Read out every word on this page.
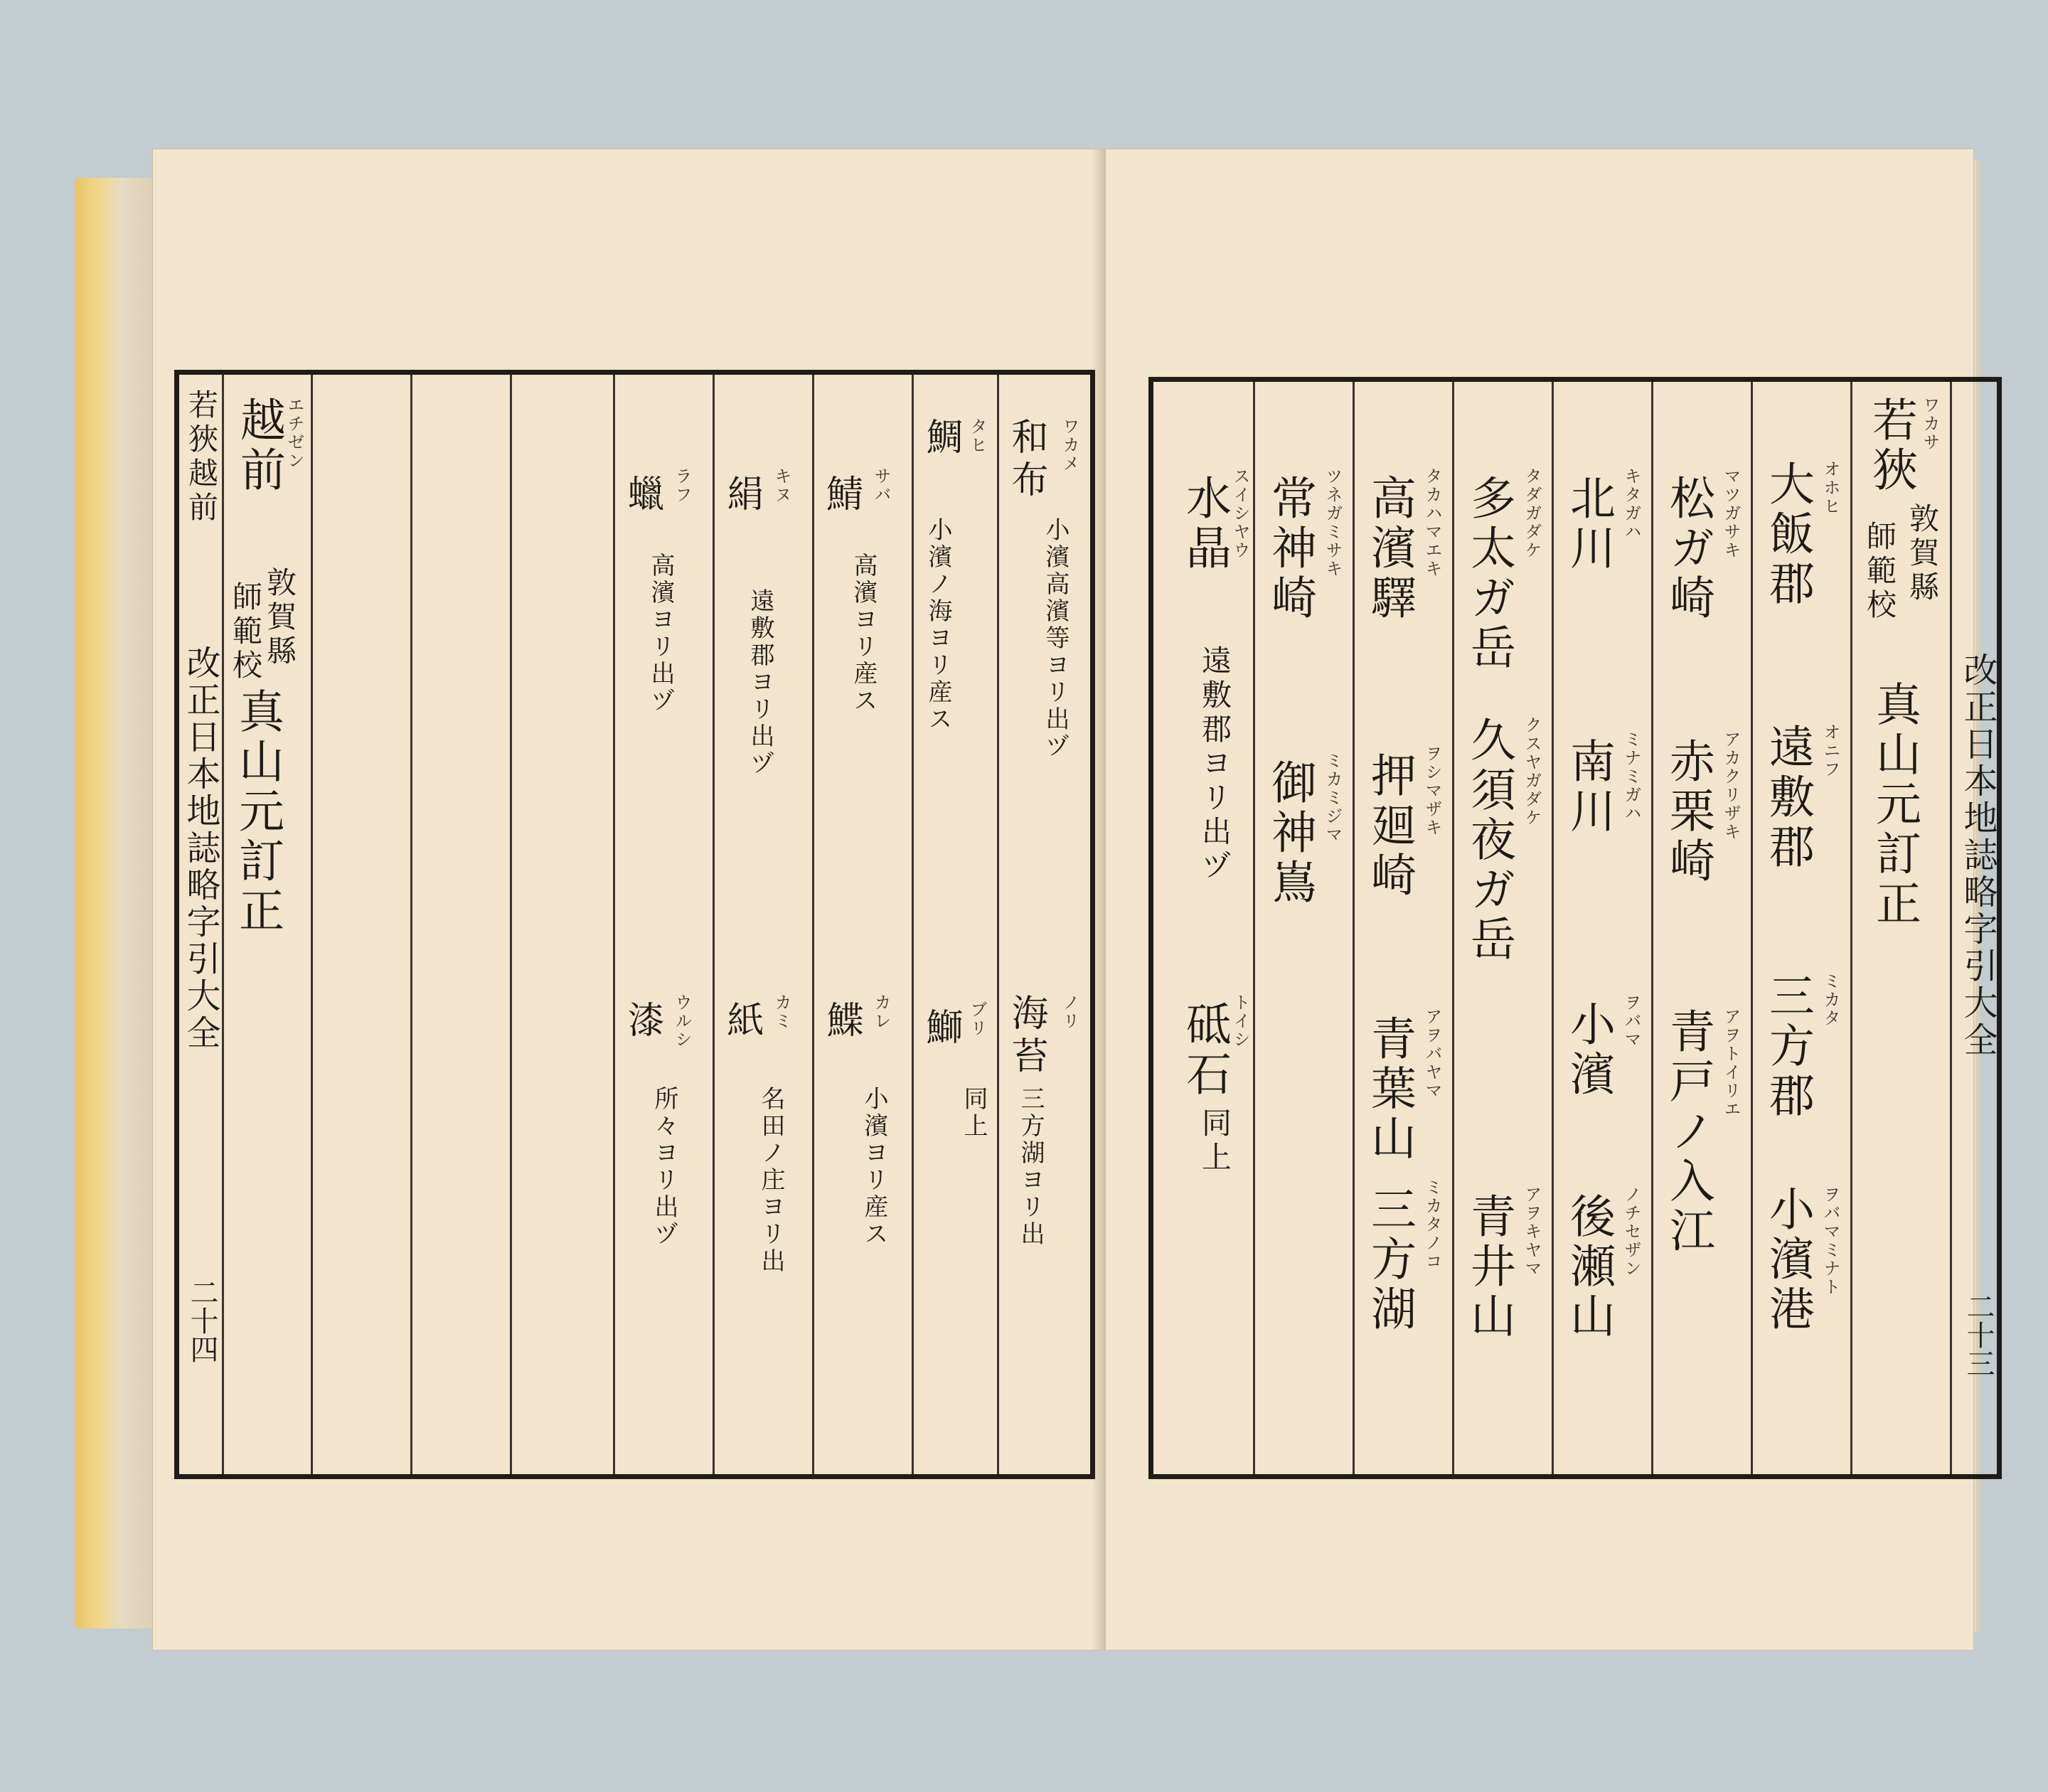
若狹越前
改正日本地誌略字引大全
二十四
越前 エチゼン
敦賀縣
師範校
真山元訂正
和布 ワカメ
小濱高濱等ヨリ出ヅ
海苔 ノリ
三方湖ヨリ出
鯛 タヒ
小濱ノ海ヨリ産ス
鰤 ブリ
同上
鯖 サバ
高濱ヨリ産ス
鰈 カレ
小濱ヨリ産ス
絹 キヌ
遠敷郡ヨリ出ヅ
紙 カミ
名田ノ庄ヨリ出
蠟 ラフ
高濱ヨリ出ヅ
漆 ウルシ
所々ヨリ出ヅ
若狹 ワカサ
敦賀縣
師範校
真山元訂正
大飯郡 オホヒ
遠敷郡 オニフ
三方郡 ミカタ
小濱港 ヲバマミナト
松ガ崎 マツガサキ
赤栗崎 アカクリザキ
青戸ノ入江 アヲトイリエ
北川 キタガハ
南川 ミナミガハ
小濱 ヲバマ
後瀬山 ノチセザン
多太ガ岳 タダガダケ
久須夜ガ岳 クスヤガダケ
青井山 アヲキヤマ
高濱驛 タカハマエキ
押廻崎 ヲシマザキ
青葉山 アヲバヤマ
三方湖 ミカタノコ
常神崎 ツネガミサキ
御神嶌 ミカミジマ
水晶 スイシヤウ
遠敷郡ヨリ出ヅ
砥石 トイシ
同上
改正日本地誌略字引大全
二十三
